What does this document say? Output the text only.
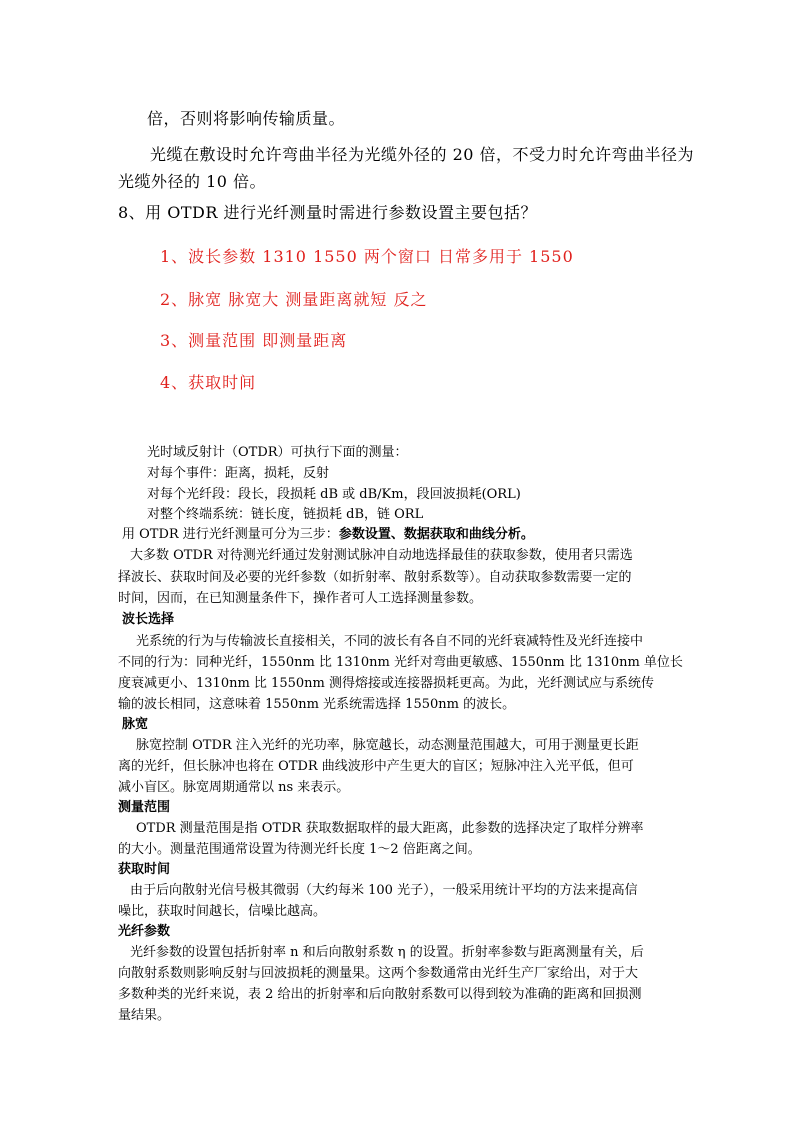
倍，否则将影响传输质量。

光缆在敷设时允许弯曲半径为光缆外径的 20 倍，不受力时允许弯曲半径为

光缆外径的 10 倍。

8、用 OTDR 进行光纤测量时需进行参数设置主要包括？

1、波长参数 1310 1550 两个窗口 日常多用于 1550

2、脉宽 脉宽大 测量距离就短 反之

3、测量范围 即测量距离

4、获取时间

光时域反射计（OTDR）可执行下面的测量：

对每个事件：距离，损耗，反射

对每个光纤段：段长，段损耗 dB 或 dB/Km，段回波损耗(ORL)

对整个终端系统：链长度，链损耗 dB，链 ORL

用 OTDR 进行光纤测量可分为三步：参数设置、数据获取和曲线分析。

大多数 OTDR 对待测光纤通过发射测试脉冲自动地选择最佳的获取参数，使用者只需选

择波长、获取时间及必要的光纤参数（如折射率、散射系数等）。自动获取参数需要一定的

时间，因而，在已知测量条件下，操作者可人工选择测量参数。

波长选择

光系统的行为与传输波长直接相关，不同的波长有各自不同的光纤衰减特性及光纤连接中

不同的行为：同种光纤，1550nm 比 1310nm 光纤对弯曲更敏感、1550nm 比 1310nm 单位长

度衰减更小、1310nm 比 1550nm 测得熔接或连接器损耗更高。为此，光纤测试应与系统传

输的波长相同，这意味着 1550nm 光系统需选择 1550nm 的波长。

脉宽

脉宽控制 OTDR 注入光纤的光功率，脉宽越长，动态测量范围越大，可用于测量更长距

离的光纤，但长脉冲也将在 OTDR 曲线波形中产生更大的盲区；短脉冲注入光平低，但可

减小盲区。脉宽周期通常以 ns 来表示。

测量范围

OTDR 测量范围是指 OTDR 获取数据取样的最大距离，此参数的选择决定了取样分辨率

的大小。测量范围通常设置为待测光纤长度 1～2 倍距离之间。

获取时间

由于后向散射光信号极其微弱（大约每米 100 光子），一般采用统计平均的方法来提高信

噪比，获取时间越长，信噪比越高。

光纤参数

光纤参数的设置包括折射率 n 和后向散射系数 η 的设置。折射率参数与距离测量有关，后

向散射系数则影响反射与回波损耗的测量果。这两个参数通常由光纤生产厂家给出，对于大

多数种类的光纤来说，表 2 给出的折射率和后向散射系数可以得到较为准确的距离和回损测

量结果。
